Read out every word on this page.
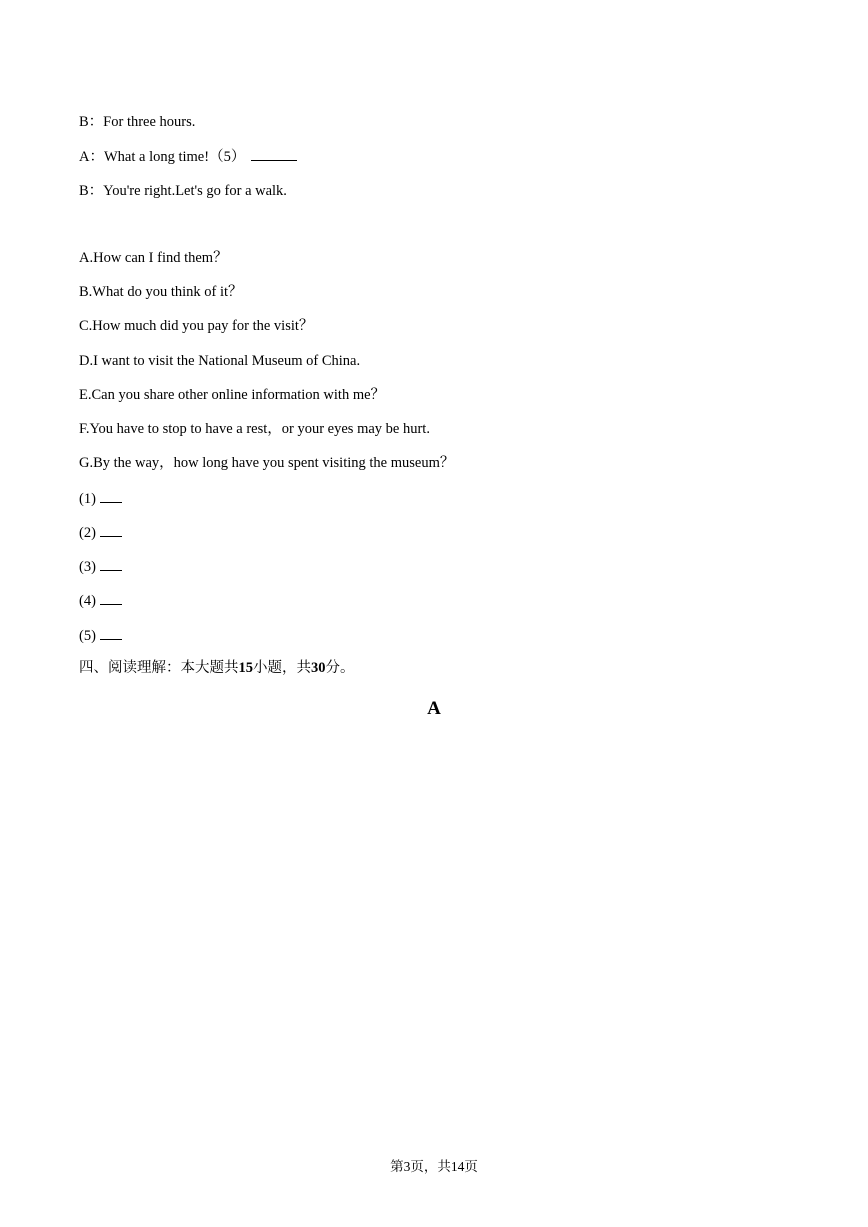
B：For three hours.
A：What a long time!（5）
B：You're right.Let's go for a walk.
A.How can I find them？
B.What do you think of it？
C.How much did you pay for the visit？
D.I want to visit the National Museum of China.
E.Can you share other online information with me？
F.You have to stop to have a rest，or your eyes may be hurt.
G.By the way，how long have you spent visiting the museum？
(1)
(2)
(3)
(4)
(5)
四、阅读理解：本大题共15小题，共30分。
A
第3页，共14页
